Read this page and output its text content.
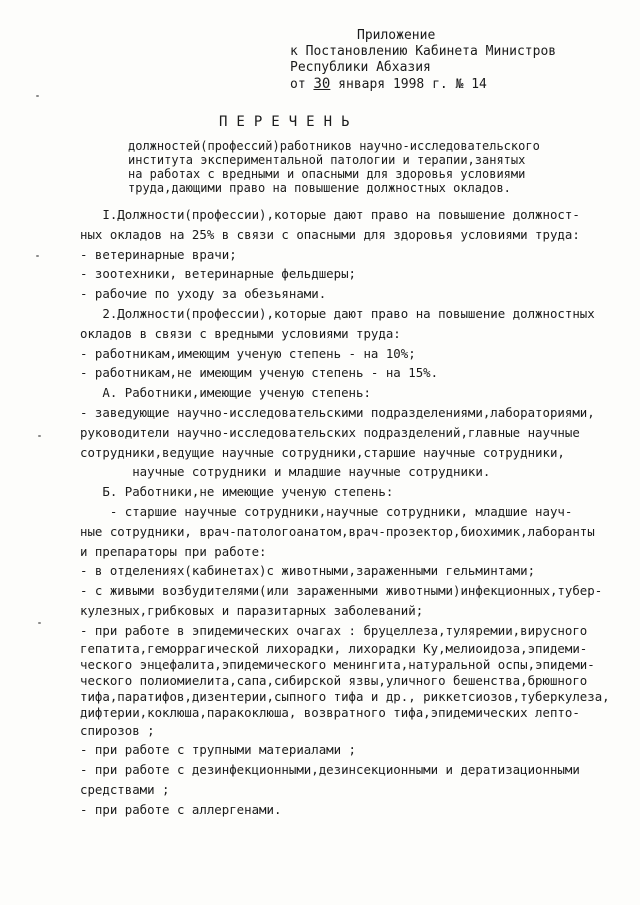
Приложение
к Постановлению Кабинета Министров
Республики Абхазия
от 30 января 1998 г. № 14
ПЕРЕЧЕНЬ
должностей(профессий)работников научно-исследовательского
института экспериментальной патологии и терапии,занятых
на работах с вредными и опасными для здоровья условиями
труда,дающими право на повышение должностных окладов.
I.Должности(профессии),которые дают право на повышение должност-
ных окладов на 25% в связи с опасными для здоровья условиями труда:
- ветеринарные врачи;
- зоотехники, ветеринарные фельдшеры;
- рабочие по уходу за обезьянами.
2.Должности(профессии),которые дают право на повышение должностных
окладов в связи с вредными условиями труда:
- работникам,имеющим ученую степень - на 10%;
- работникам,не имеющим ученую степень - на 15%.
А. Работники,имеющие ученую степень:
- заведующие научно-исследовательскими подразделениями,лабораториями,
руководители научно-исследовательских подразделений,главные научные
сотрудники,ведущие научные сотрудники,старшие научные сотрудники,
научные сотрудники и младшие научные сотрудники.
Б. Работники,не имеющие ученую степень:
- старшие научные сотрудники,научные сотрудники, младшие науч-
ные сотрудники, врач-патологоанатом,врач-прозектор,биохимик,лаборанты
и препараторы при работе:
- в отделениях(кабинетах)с животными,зараженными гельминтами;
- с живыми возбудителями(или зараженными животными)инфекционных,тубер-
кулезных,грибковых и паразитарных заболеваний;
- при работе в эпидемических очагах : бруцеллеза,туляремии,вирусного
гепатита,геморрагической лихорадки, лихорадки Ку,мелиоидоза,эпидеми-
ческого энцефалита,эпидемического менингита,натуральной оспы,эпидеми-
ческого полиомиелита,сапа,сибирской язвы,уличного бешенства,брюшного
тифа,паратифов,дизентерии,сыпного тифа и др., риккетсиозов,туберкулеза,
дифтерии,коклюша,паракоклюша, возвратного тифа,эпидемических лепто-
спирозов ;
- при работе с трупными материалами ;
- при работе с дезинфекционными,дезинсекционными и дератизационными
средствами ;
- при работе с аллергенами.
